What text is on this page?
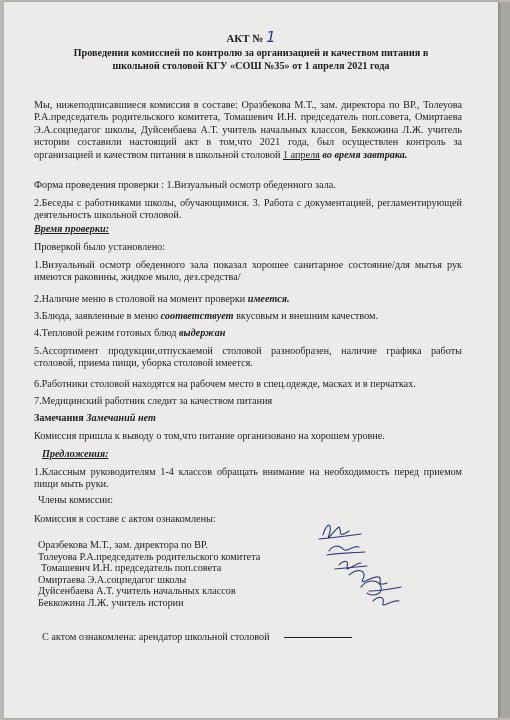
АКТ № 1
Проведения комиссией по контролю за организацией и качеством питания в
школьной столовой КГУ «СОШ №35» от 1 апреля 2021 года
Мы, нижеподписавшиеся комиссия в составе: Оразбекова М.Т., зам. директора по ВР., Толеуова Р.А.председатель родительского комитета, Томашевич И.Н. председатель поп.совета, Омиртаева Э.А.соцпедагог школы, Дуйсенбаева А.Т. учитель начальных классов, Беккожина Л.Ж. учитель истории составили настоящий акт в том,что 2021 года, был осуществлен контроль за организацией и качеством питания в школьной столовой 1 апреля во время завтрака.
Форма проведения проверки : 1.Визуальный осмотр обеденного зала.
2.Беседы с работниками школы, обучающимися. 3. Работа с документацией, регламентирующей деятельность школьной столовой.
Время проверки:
Проверкой было установлено:
1.Визуальный осмотр обеденного зала показал хорошее санитарное состояние/для мытья рук имеются раковины, жидкое мыло, дез.средства/
2.Наличие меню в столовой на момент проверки имеется.
3.Блюда, заявленные в меню соответствует вкусовым и внешним качеством.
4.Тепловой режим готовых блюд выдержан
5.Ассортимент продукции,отпускаемой столовой разнообразен, наличие графика работы столовой, приема пищи, уборка столовой имеется.
6.Работники столовой находятся на рабочем место в спец.одежде, масках и в перчатках.
7.Медицинский работник следит за качеством питания
Замечания Замечаний нет
Комиссия пришла к выводу о том,что питание организовано на хорошем уровне.
Предложения:
1.Классным руководителям 1-4 классов обращать внимание на необходимость перед приемом пищи мыть руки.
Члены комиссии:
Комиссия в составе с актом ознакомлены:
Оразбекова М.Т., зам. директора по ВР.
Толеуова Р.А.председатель родительского комитета
Томашевич И.Н. председатель поп.совета
Омиртаева Э.А.соцпедагог школы
Дуйсенбаева А.Т. учитель начальных классов
Беккожина Л.Ж. учитель истории
С актом ознакомлена: арендатор школьной столовой
